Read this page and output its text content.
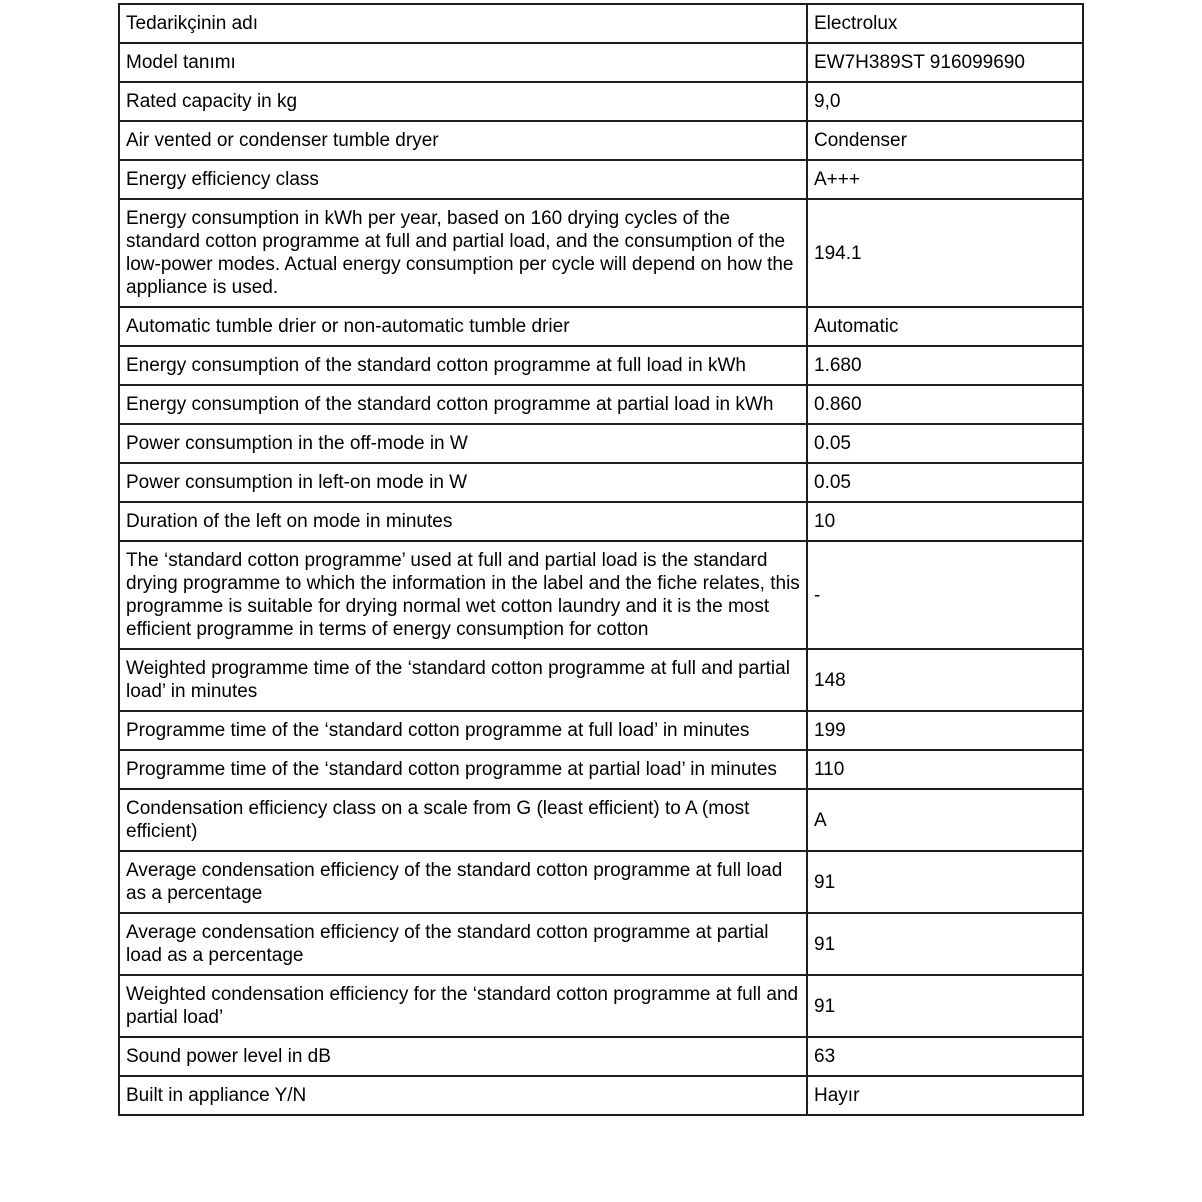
Tedarikçinin adı	Electrolux
Model tanımı	EW7H389ST 916099690
Rated capacity in kg	9,0
Air vented or condenser tumble dryer	Condenser
Energy efficiency class	A+++
Energy consumption in kWh per year, based on 160 drying cycles of the standard cotton programme at full and partial load, and the consumption of the low-power modes. Actual energy consumption per cycle will depend on how the appliance is used.	194.1
Automatic tumble drier or non-automatic tumble drier	Automatic
Energy consumption of the standard cotton programme at full load in kWh	1.680
Energy consumption of the standard cotton programme at partial load in kWh	0.860
Power consumption in the off-mode in W	0.05
Power consumption in left-on mode in W	0.05
Duration of the left on mode in minutes	10
The ‘standard cotton programme’ used at full and partial load is the standard drying programme to which the information in the label and the fiche relates, this programme is suitable for drying normal wet cotton laundry and it is the most efficient programme in terms of energy consumption for cotton	-
Weighted programme time of the ‘standard cotton programme at full and partial load’ in minutes	148
Programme time of the ‘standard cotton programme at full load’ in minutes	199
Programme time of the ‘standard cotton programme at partial load’ in minutes	110
Condensation efficiency class on a scale from G (least efficient) to A (most efficient)	A
Average condensation efficiency of the standard cotton programme at full load as a percentage	91
Average condensation efficiency of the standard cotton programme at partial load as a percentage	91
Weighted condensation efficiency for the ‘standard cotton programme at full and partial load’	91
Sound power level in dB	63
Built in appliance Y/N	Hayır
